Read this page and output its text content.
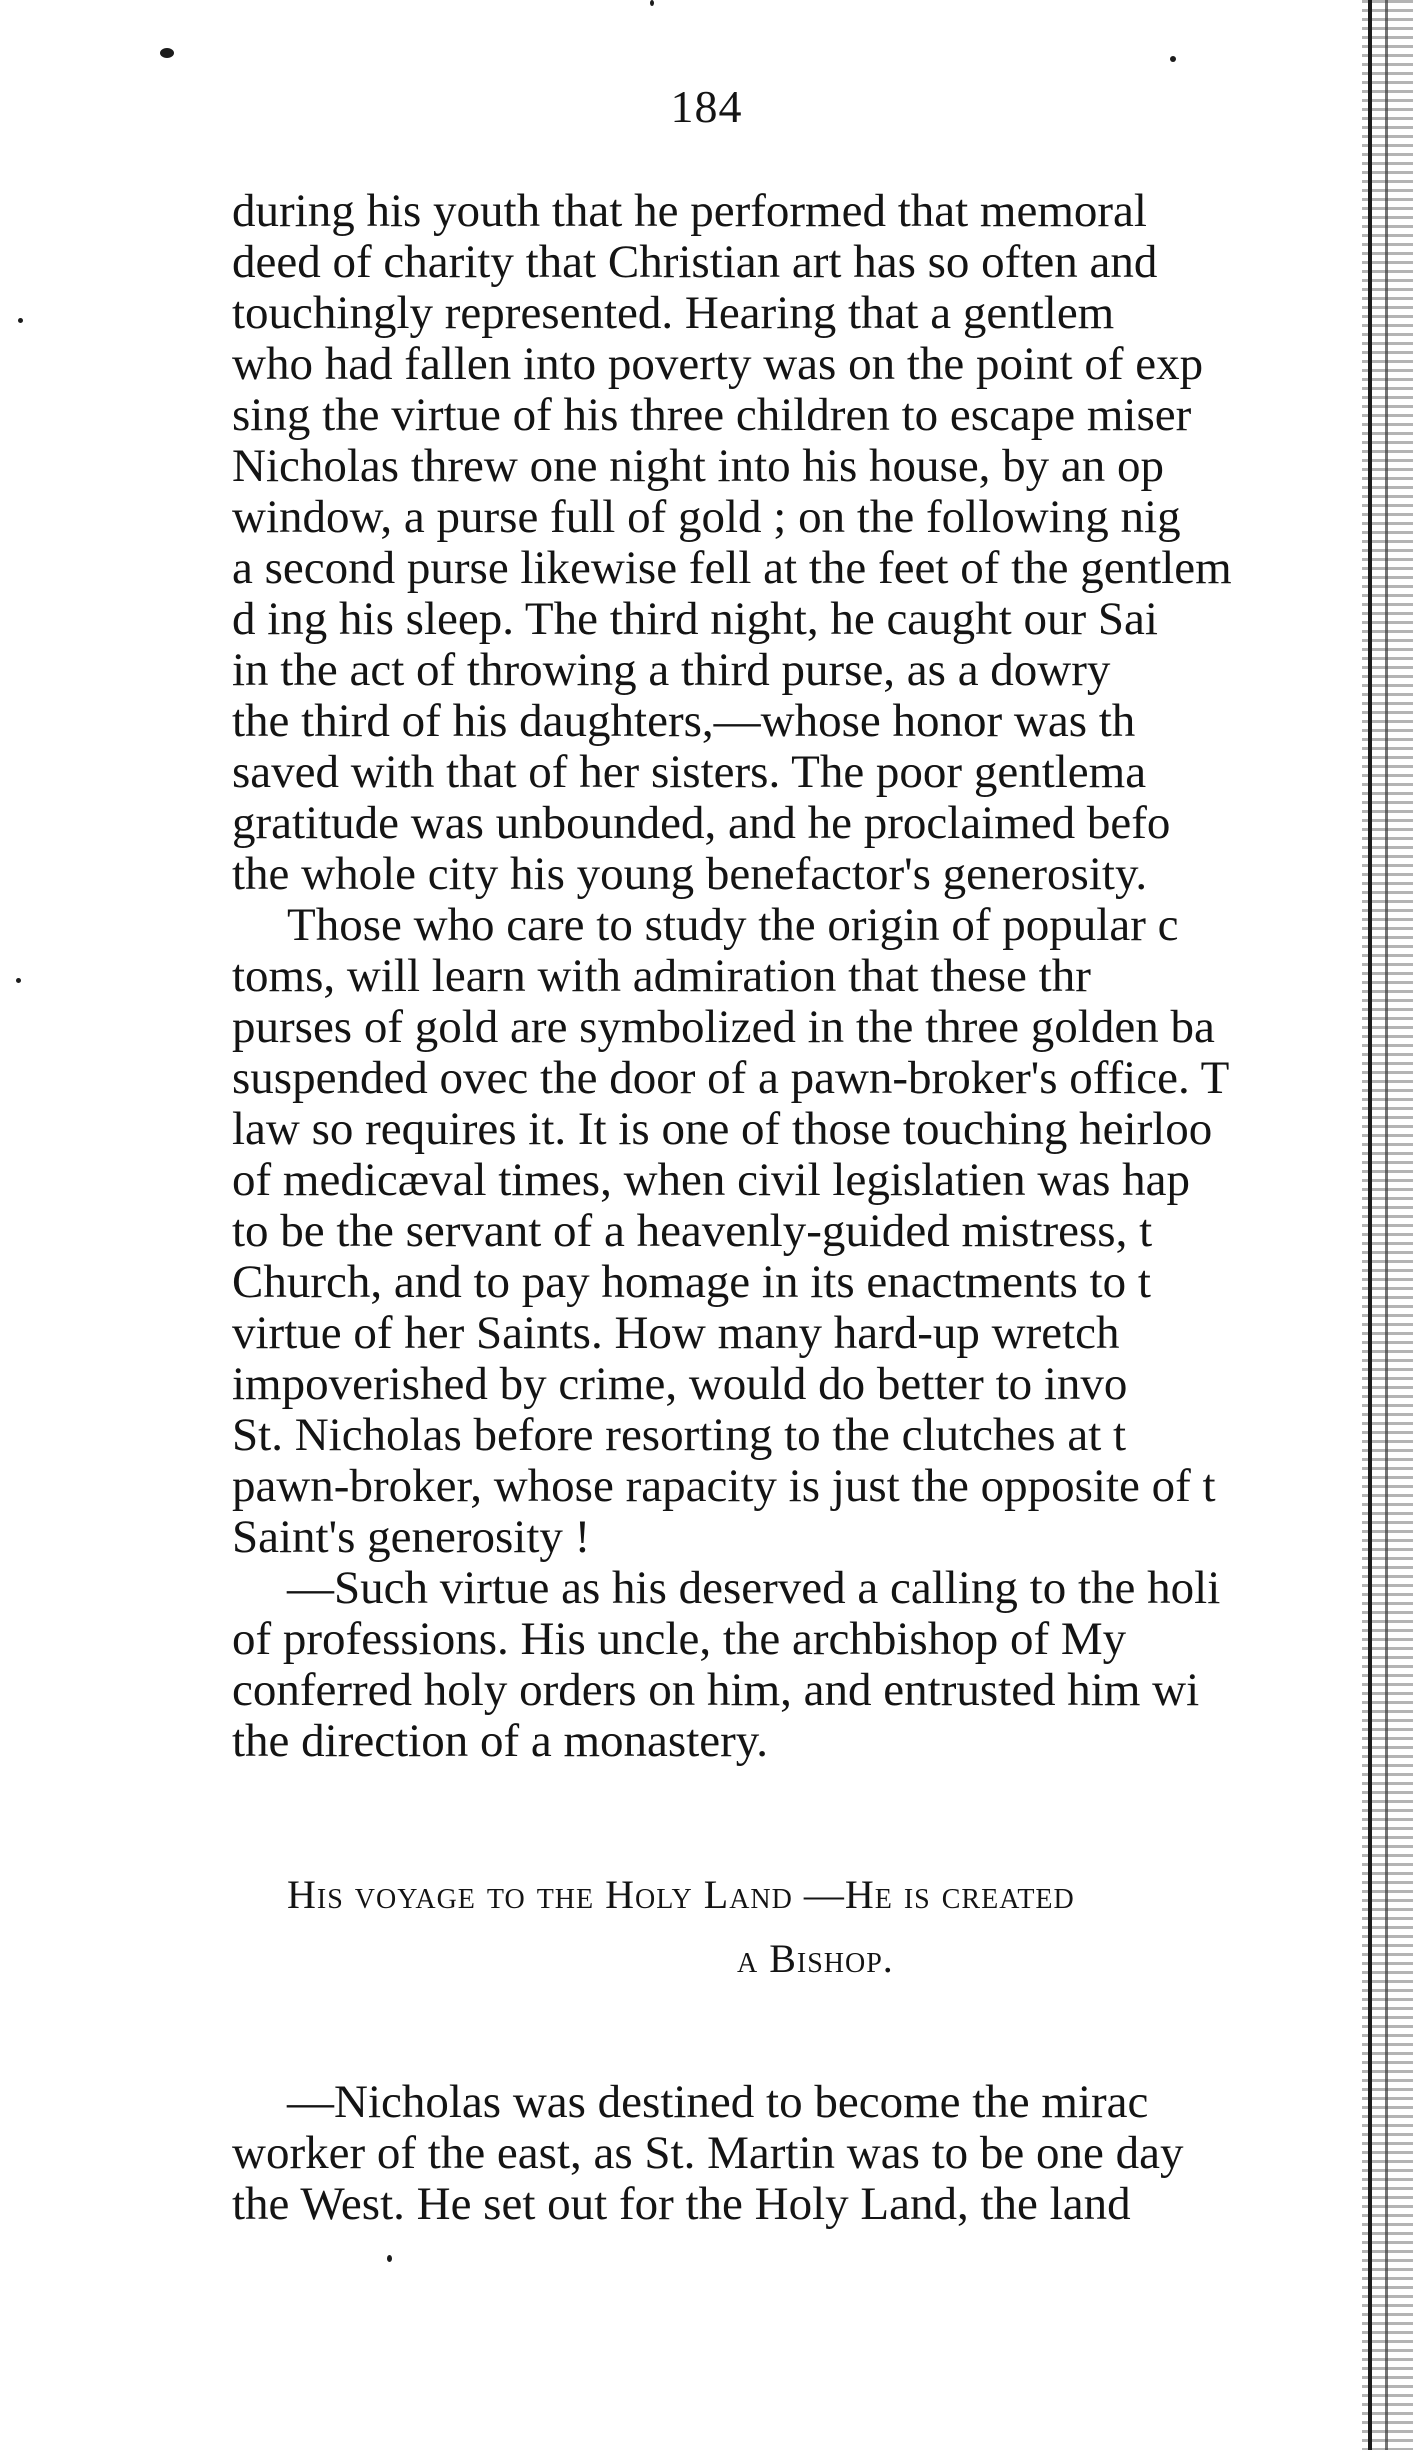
184
during his youth that he performed that memoral
deed of charity that Christian art has so often and
touchingly represented. Hearing that a gentlem
who had fallen into poverty was on the point of exp
sing the virtue of his three children to escape miser
Nicholas threw one night into his house, by an op
window, a purse full of gold ; on the following nig
a second purse likewise fell at the feet of the gentlem
d ing his sleep. The third night, he caught our Sai
in the act of throwing a third purse, as a dowry
the third of his daughters,—whose honor was th
saved with that of her sisters. The poor gentlema
gratitude was unbounded, and he proclaimed befo
the whole city his young benefactor's generosity.
Those who care to study the origin of popular c
toms, will learn with admiration that these thr
purses of gold are symbolized in the three golden ba
suspended ovec the door of a pawn-broker's office. T
law so requires it. It is one of those touching heirloo
of medicæval times, when civil legislatien was hap
to be the servant of a heavenly-guided mistress, t
Church, and to pay homage in its enactments to t
virtue of her Saints. How many hard-up wretch
impoverished by crime, would do better to invo
St. Nicholas before resorting to the clutches at t
pawn-broker, whose rapacity is just the opposite of t
Saint's generosity !
—Such virtue as his deserved a calling to the holi
of professions. His uncle, the archbishop of My
conferred holy orders on him, and entrusted him wi
the direction of a monastery.
His voyage to the Holy Land —He is created
a Bishop.
—Nicholas was destined to become the mirac
worker of the east, as St. Martin was to be one day
the West. He set out for the Holy Land, the land
